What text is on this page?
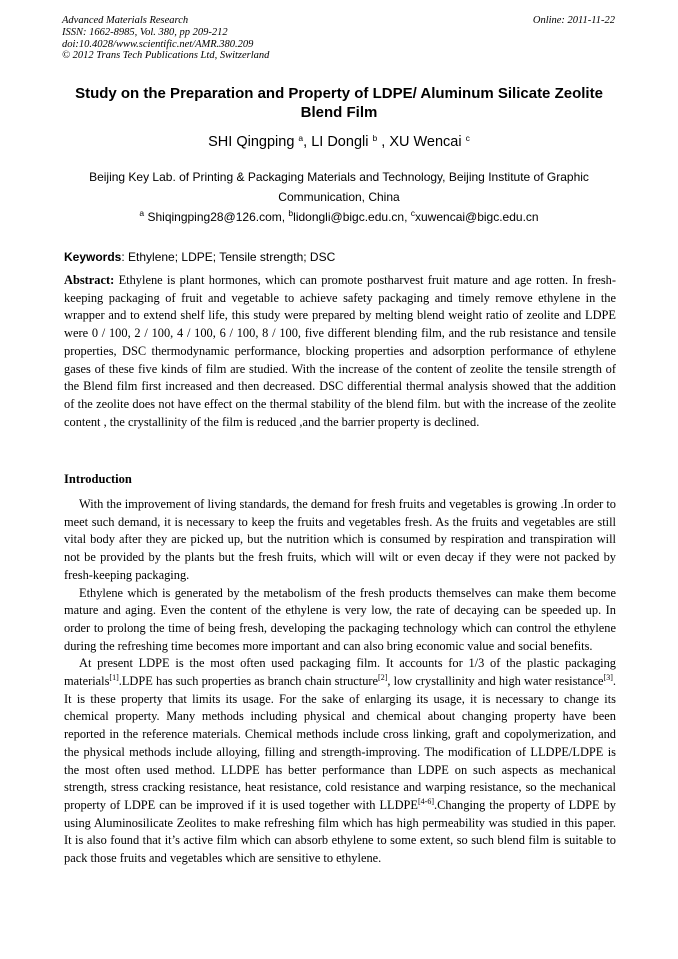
Advanced Materials Research
ISSN: 1662-8985, Vol. 380, pp 209-212
doi:10.4028/www.scientific.net/AMR.380.209
© 2012 Trans Tech Publications Ltd, Switzerland
Online: 2011-11-22
Study on the Preparation and Property of LDPE/ Aluminum Silicate Zeolite Blend Film
SHI Qingping $^a$, LI Dongli $^b$ , XU Wencai $^c$
Beijing Key Lab. of Printing & Packaging Materials and Technology, Beijing Institute of Graphic Communication, China
$^a$ Shiqingping28@126.com, $^b$lidongli@bigc.edu.cn, $^c$xuwencai@bigc.edu.cn
Keywords: Ethylene; LDPE; Tensile strength; DSC

Abstract: Ethylene is plant hormones, which can promote postharvest fruit mature and age rotten. In fresh-keeping packaging of fruit and vegetable to achieve safety packaging and timely remove ethylene in the wrapper and to extend shelf life, this study were prepared by melting blend weight ratio of zeolite and LDPE were 0 / 100, 2 / 100, 4 / 100, 6 / 100, 8 / 100, five different blending film, and the rub resistance and tensile properties, DSC thermodynamic performance, blocking properties and adsorption performance of ethylene gases of these five kinds of film are studied. With the increase of the content of zeolite the tensile strength of the Blend film first increased and then decreased. DSC differential thermal analysis showed that the addition of the zeolite does not have effect on the thermal stability of the blend film. but with the increase of the zeolite content , the crystallinity of the film is reduced ,and the barrier property is declined.

Introduction

With the improvement of living standards, the demand for fresh fruits and vegetables is growing .In order to meet such demand, it is necessary to keep the fruits and vegetables fresh. As the fruits and vegetables are still vital body after they are picked up, but the nutrition which is consumed by respiration and transpiration will not be provided by the plants but the fresh fruits, which will wilt or even decay if they were not packed by fresh-keeping packaging.

Ethylene which is generated by the metabolism of the fresh products themselves can make them become mature and aging. Even the content of the ethylene is very low, the rate of decaying can be speeded up. In order to prolong the time of being fresh, developing the packaging technology which can control the ethylene during the refreshing time becomes more important and can also bring economic value and social benefits.

At present LDPE is the most often used packaging film. It accounts for 1/3 of the plastic packaging materials[1].LDPE has such properties as branch chain structure[2], low crystallinity and high water resistance[3]. It is these property that limits its usage. For the sake of enlarging its usage, it is necessary to change its chemical property. Many methods including physical and chemical about changing property have been reported in the reference materials. Chemical methods include cross linking, graft and copolymerization, and the physical methods include alloying, filling and strength-improving. The modification of LLDPE/LDPE is the most often used method. LLDPE has better performance than LDPE on such aspects as mechanical strength, stress cracking resistance, heat resistance, cold resistance and warping resistance, so the mechanical property of LDPE can be improved if it is used together with LLDPE[4-6].Changing the property of LDPE by using Aluminosilicate Zeolites to make refreshing film which has high permeability was studied in this paper. It is also found that it’s active film which can absorb ethylene to some extent, so such blend film is suitable to pack those fruits and vegetables which are sensitive to ethylene.
